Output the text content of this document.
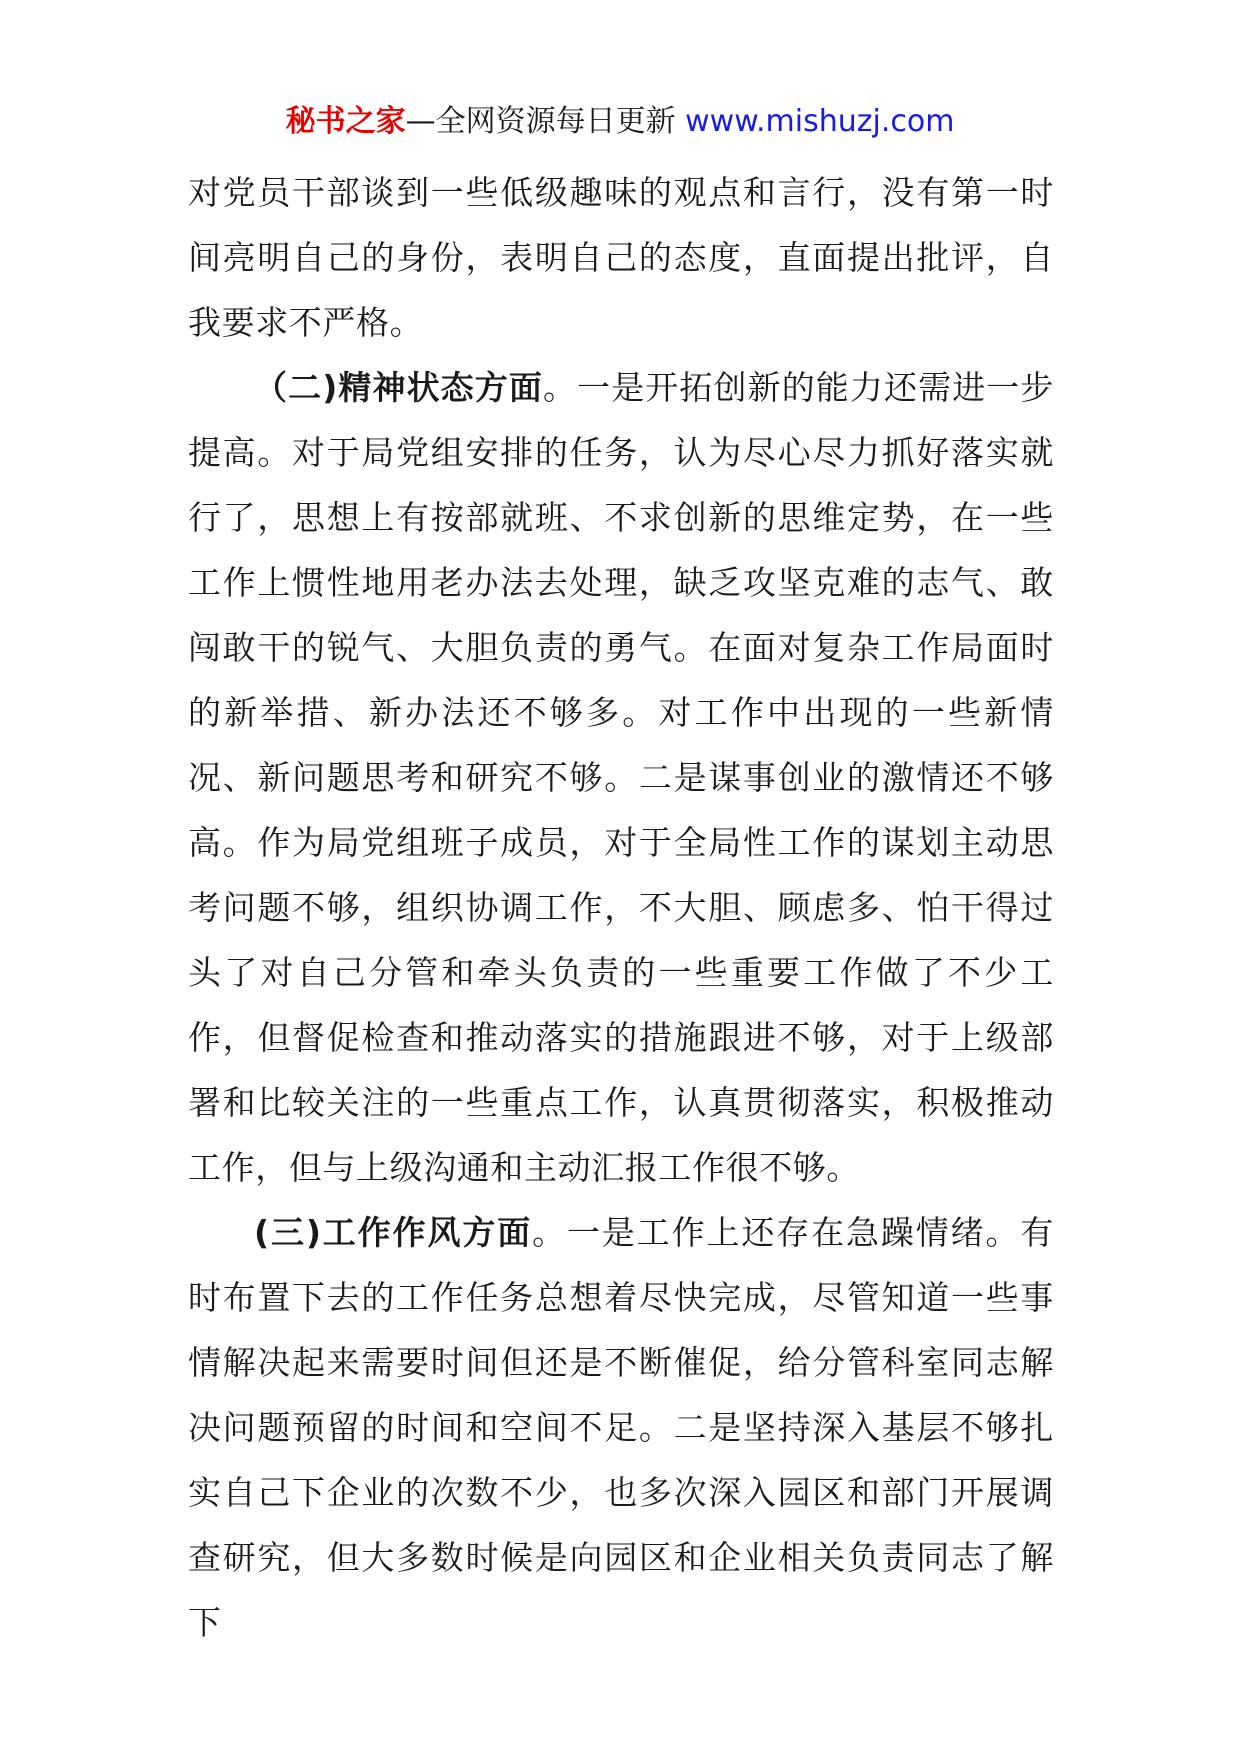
秘书之家—全网资源每日更新 www.mishuzj.com

对党员干部谈到一些低级趣味的观点和言行，没有第一时间亮明自己的身份，表明自己的态度，直面提出批评，自我要求不严格。

（二)精神状态方面。一是开拓创新的能力还需进一步提高。对于局党组安排的任务，认为尽心尽力抓好落实就行了，思想上有按部就班、不求创新的思维定势，在一些工作上惯性地用老办法去处理，缺乏攻坚克难的志气、敢闯敢干的锐气、大胆负责的勇气。在面对复杂工作局面时的新举措、新办法还不够多。对工作中出现的一些新情况、新问题思考和研究不够。二是谋事创业的激情还不够高。作为局党组班子成员，对于全局性工作的谋划主动思考问题不够，组织协调工作，不大胆、顾虑多、怕干得过头了对自己分管和牵头负责的一些重要工作做了不少工作，但督促检查和推动落实的措施跟进不够，对于上级部署和比较关注的一些重点工作，认真贯彻落实，积极推动工作，但与上级沟通和主动汇报工作很不够。

(三)工作作风方面。一是工作上还存在急躁情绪。有时布置下去的工作任务总想着尽快完成，尽管知道一些事情解决起来需要时间但还是不断催促，给分管科室同志解决问题预留的时间和空间不足。二是坚持深入基层不够扎实自己下企业的次数不少，也多次深入园区和部门开展调查研究，但大多数时候是向园区和企业相关负责同志了解下
